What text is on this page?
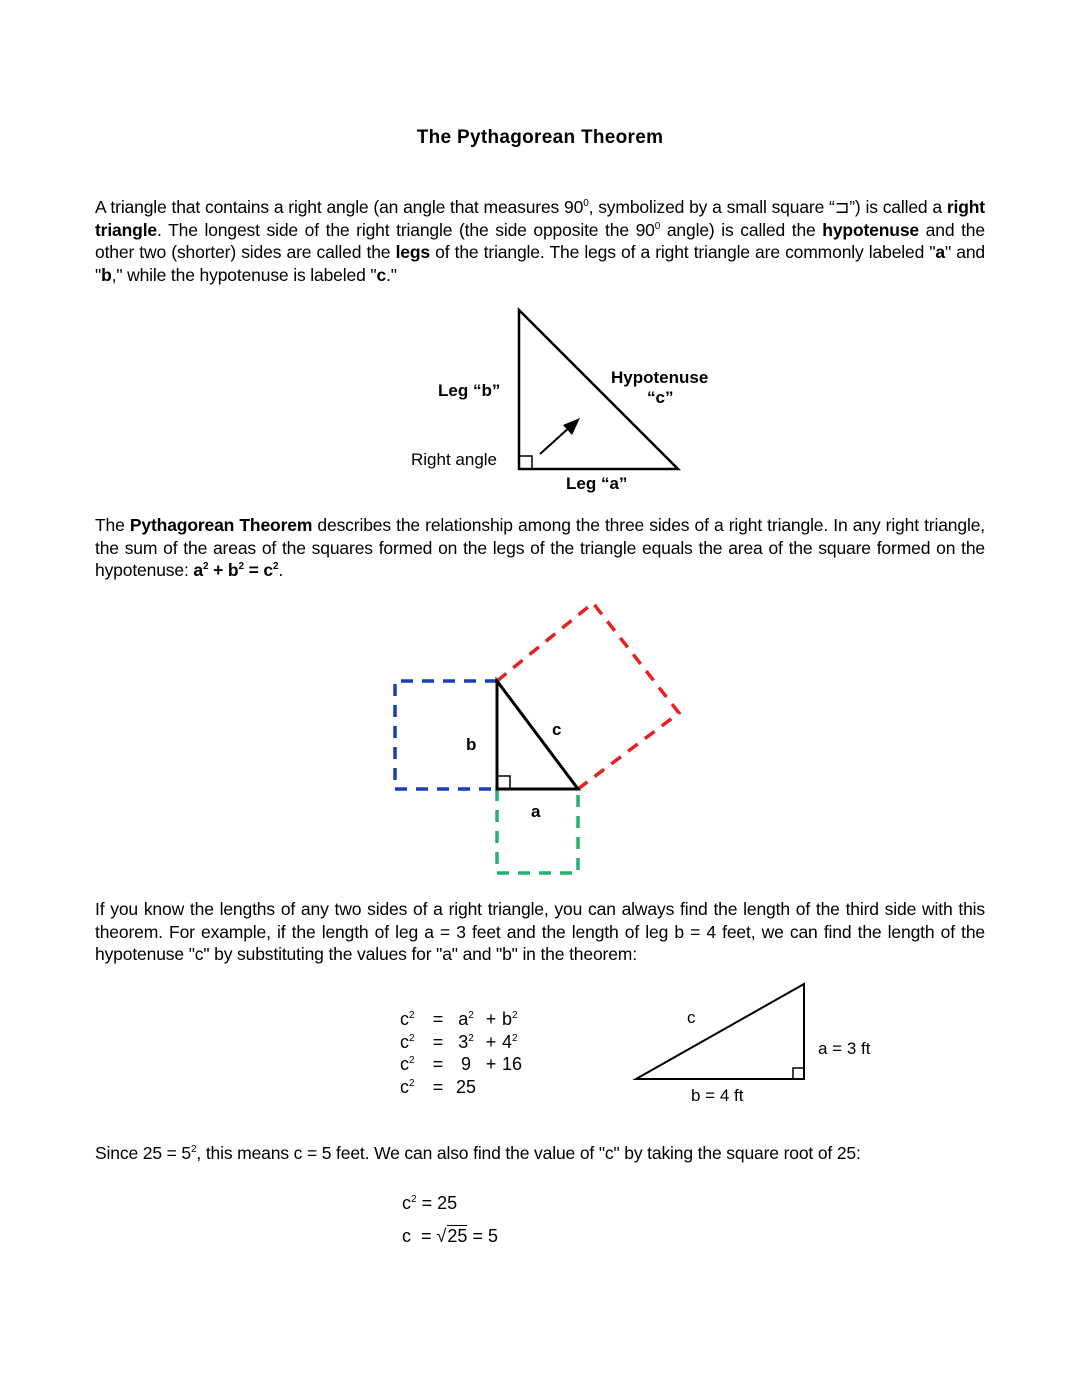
The Pythagorean Theorem
A triangle that contains a right angle (an angle that measures $90^0$, symbolized by a small square “⊐”) is called a right triangle. The longest side of the right triangle (the side opposite the $90^0$ angle) is called the hypotenuse and the other two (shorter) sides are called the legs of the triangle. The legs of a right triangle are commonly labeled "a" and "b," while the hypotenuse is labeled "c."
Leg “b”
Hypotenuse
“c”
Right angle
Leg “a”
The Pythagorean Theorem describes the relationship among the three sides of a right triangle. In any right triangle, the sum of the areas of the squares formed on the legs of the triangle equals the area of the square formed on the hypotenuse: $a^2 + b^2 = c^2$.
b
c
a
If you know the lengths of any two sides of a right triangle, you can always find the length of the third side with this theorem. For example, if the length of leg a = 3 feet and the length of leg b = 4 feet, we can find the length of the hypotenuse "c" by substituting the values for "a" and "b" in the theorem:
$c^2$	= $a^2 + b^2$
$c^2$	= $3^2 + 4^2$
$c^2$	= 9 + 16
$c^2$	= 25
c
a = 3 ft
b = 4 ft
Since $25 = 5^2$, this means c = 5 feet. We can also find the value of "c" by taking the square root of 25:
$c^2 = 25$
c  = √25 = 5
